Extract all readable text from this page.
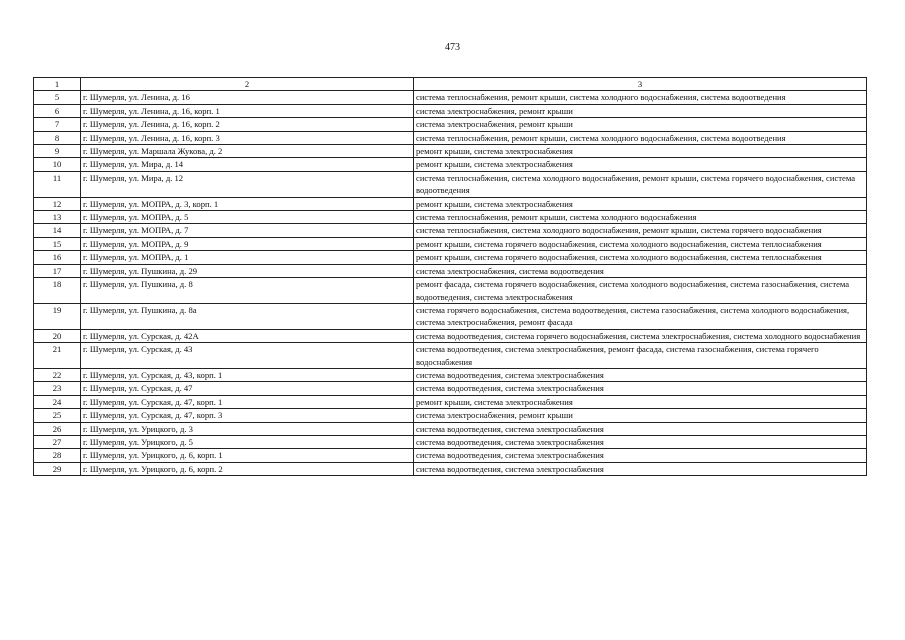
473
1	2	3
5	г. Шумерля, ул. Ленина, д. 16	система теплоснабжения, ремонт крыши, система холодного водоснабжения, система водоотведения
6	г. Шумерля, ул. Ленина, д. 16, корп. 1	система электроснабжения, ремонт крыши
7	г. Шумерля, ул. Ленина, д. 16, корп. 2	система электроснабжения, ремонт крыши
8	г. Шумерля, ул. Ленина, д. 16, корп. 3	система теплоснабжения, ремонт крыши, система холодного водоснабжения, система водоотведения
9	г. Шумерля, ул. Маршала Жукова, д. 2	ремонт крыши, система электроснабжения
10	г. Шумерля, ул. Мира, д. 14	ремонт крыши, система электроснабжения
11	г. Шумерля, ул. Мира, д. 12	система теплоснабжения, система холодного водоснабжения, ремонт крыши, система горячего водоснабжения, система водоотведения
12	г. Шумерля, ул. МОПРА, д. 3, корп. 1	ремонт крыши, система электроснабжения
13	г. Шумерля, ул. МОПРА, д. 5	система теплоснабжения, ремонт крыши, система холодного водоснабжения
14	г. Шумерля, ул. МОПРА, д. 7	система теплоснабжения, система холодного водоснабжения, ремонт крыши, система горячего водоснабжения
15	г. Шумерля, ул. МОПРА, д. 9	ремонт крыши, система горячего водоснабжения, система холодного водоснабжения, система теплоснабжения
16	г. Шумерля, ул. МОПРА, д. 1	ремонт крыши, система горячего водоснабжения, система холодного водоснабжения, система теплоснабжения
17	г. Шумерля, ул. Пушкина, д. 29	система электроснабжения, система водоотведения
18	г. Шумерля, ул. Пушкина, д. 8	ремонт фасада, система горячего водоснабжения, система холодного водоснабжения, система газоснабжения, система водоотведения, система электроснабжения
19	г. Шумерля, ул. Пушкина, д. 8а	система горячего водоснабжения, система водоотведения, система газоснабжения, система холодного водоснабжения, система электроснабжения, ремонт фасада
20	г. Шумерля, ул. Сурская, д. 42А	система водоотведения, система горячего водоснабжения, система электроснабжения, система холодного водоснабжения
21	г. Шумерля, ул. Сурская, д. 43	система водоотведения, система электроснабжения, ремонт фасада, система газоснабжения, система горячего водоснабжения
22	г. Шумерля, ул. Сурская, д. 43, корп. 1	система водоотведения, система электроснабжения
23	г. Шумерля, ул. Сурская, д. 47	система водоотведения, система электроснабжения
24	г. Шумерля, ул. Сурская, д. 47, корп. 1	ремонт крыши, система электроснабжения
25	г. Шумерля, ул. Сурская, д. 47, корп. 3	система электроснабжения, ремонт крыши
26	г. Шумерля, ул. Урицкого, д. 3	система водоотведения, система электроснабжения
27	г. Шумерля, ул. Урицкого, д. 5	система водоотведения, система электроснабжения
28	г. Шумерля, ул. Урицкого, д. 6, корп. 1	система водоотведения, система электроснабжения
29	г. Шумерля, ул. Урицкого, д. 6, корп. 2	система водоотведения, система электроснабжения
